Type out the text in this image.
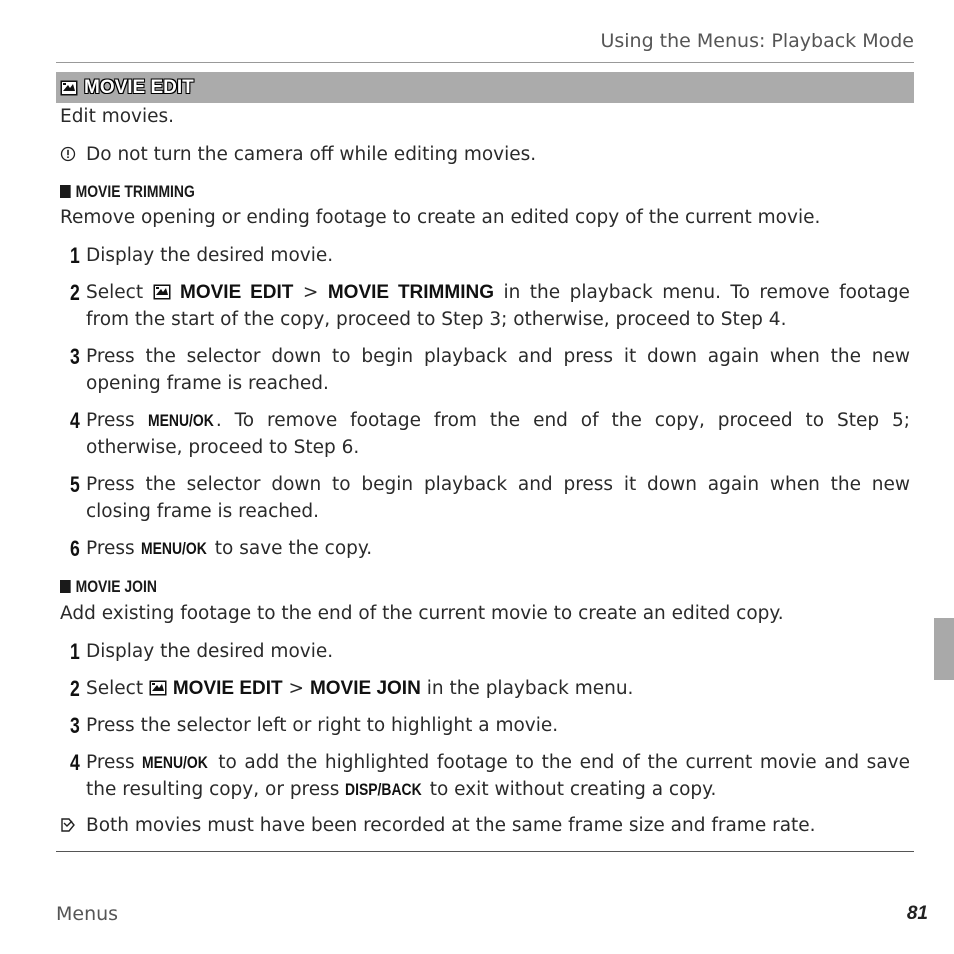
Using the Menus: Playback Mode
MOVIE EDIT
Edit movies.
Do not turn the camera off while editing movies.
MOVIE TRIMMING
Remove opening or ending footage to create an edited copy of the current movie.
1 Display the desired movie.
2 Select MOVIE EDIT > MOVIE TRIMMING in the playback menu. To remove footage from the start of the copy, proceed to Step 3; otherwise, proceed to Step 4.
3 Press the selector down to begin playback and press it down again when the new opening frame is reached.
4 Press MENU/OK . To remove footage from the end of the copy, proceed to Step 5; otherwise, proceed to Step 6.
5 Press the selector down to begin playback and press it down again when the new closing frame is reached.
6 Press MENU/OK to save the copy.
MOVIE JOIN
Add existing footage to the end of the current movie to create an edited copy.
1 Display the desired movie.
2 Select MOVIE EDIT > MOVIE JOIN in the playback menu.
3 Press the selector left or right to highlight a movie.
4 Press MENU/OK to add the highlighted footage to the end of the current movie and save the resulting copy, or press DISP/BACK to exit without creating a copy.
Both movies must have been recorded at the same frame size and frame rate.
Menus	81
